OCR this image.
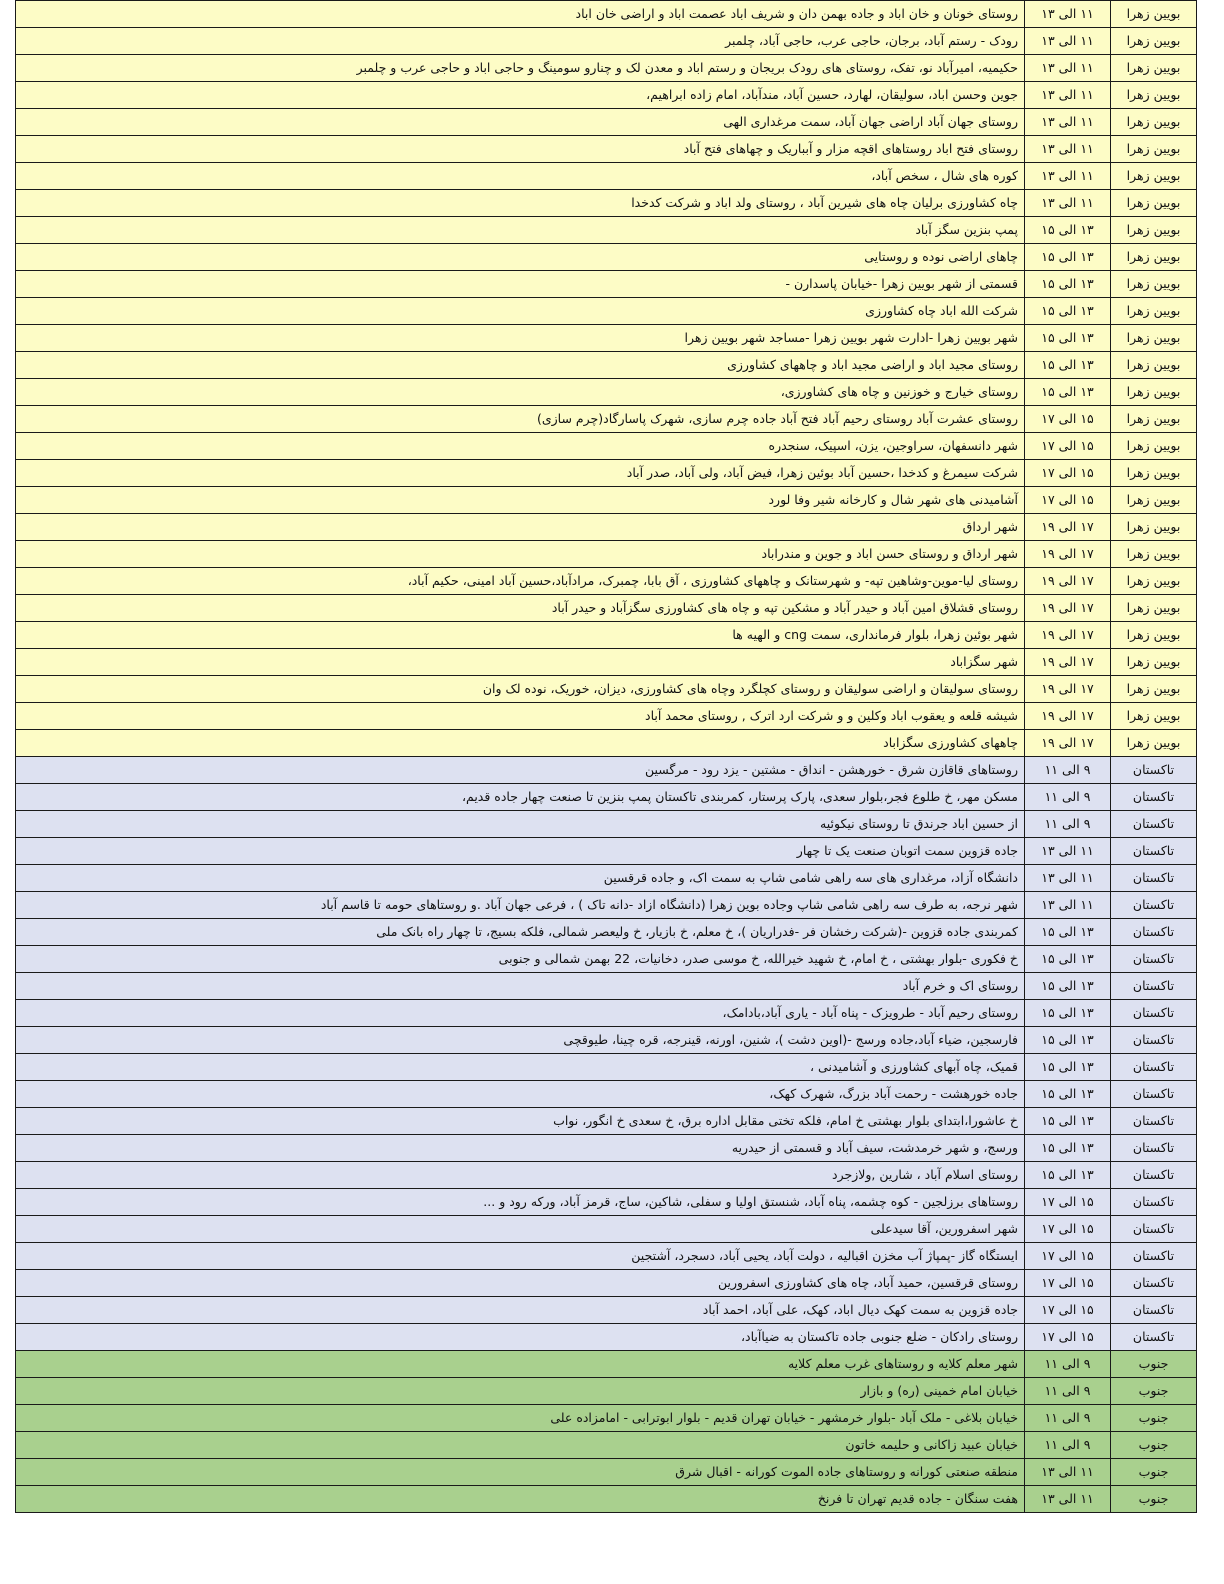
بویین زهرا	۱۱ الی ۱۳	روستای خونان و خان اباد و جاده بهمن دان و شریف اباد عصمت اباد و اراضی خان اباد
بویین زهرا	۱۱ الی ۱۳	رودک - رستم آباد، برجان، حاجی عرب، حاجی آباد، چلمبر
بویین زهرا	۱۱ الی ۱۳	حکیمیه، امیرآباد نو، تفک، روستای های رودک بریجان و رستم اباد و معدن لک و چنارو سومینگ و حاجی اباد و حاجی عرب و چلمبر
بویین زهرا	۱۱ الی ۱۳	جوین وحسن اباد، سولیقان، لهارد، حسین آباد، مندآباد، امام زاده ابراهیم،
بویین زهرا	۱۱ الی ۱۳	روستای جهان آباد اراضی جهان آباد، سمت مرغداری الهی
بویین زهرا	۱۱ الی ۱۳	روستای فتح اباد روستاهای اقچه مزار و آبباریک و چهاهای فتح آباد
بویین زهرا	۱۱ الی ۱۳	کوره های شال ، سخص آباد،
بویین زهرا	۱۱ الی ۱۳	چاه کشاورزی برلیان چاه های شیرین آباد ، روستای ولد اباد و شرکت کدخدا
بویین زهرا	۱۳ الی ۱۵	پمپ بنزین سگز آباد
بویین زهرا	۱۳ الی ۱۵	چاهای اراضی نوده و روستایی
بویین زهرا	۱۳ الی ۱۵	قسمتی از شهر بویین زهرا -خیابان پاسدارن -
بویین زهرا	۱۳ الی ۱۵	شرکت الله اباد چاه کشاورزی
بویین زهرا	۱۳ الی ۱۵	شهر بویین زهرا -ادارت شهر بویین زهرا -مساجد شهر بویین زهرا
بویین زهرا	۱۳ الی ۱۵	روستای مجید اباد و اراضی مجید اباد و چاههای کشاورزی
بویین زهرا	۱۳ الی ۱۵	روستای خیارج و خوزنین و چاه های کشاورزی،
بویین زهرا	۱۵ الی ۱۷	روستای عشرت آباد روستای رحیم آباد فتح آباد جاده چرم سازی، شهرک پاسارگاد(چرم سازی)
بویین زهرا	۱۵ الی ۱۷	شهر دانسفهان، سراوجین، یزن، اسپیک، سنجدره
بویین زهرا	۱۵ الی ۱۷	شرکت سیمرغ و کدخدا ،حسین آباد بوئین زهرا، فیض آباد، ولی آباد، صدر آباد
بویین زهرا	۱۵ الی ۱۷	آشامیدنی های شهر شال و کارخانه شیر وفا لورد
بویین زهرا	۱۷ الی ۱۹	شهر ارداق
بویین زهرا	۱۷ الی ۱۹	شهر ارداق و روستای حسن اباد و جوین و مندراباد
بویین زهرا	۱۷ الی ۱۹	روستای لیا-موین-وشاهین تپه- و شهرستانک و چاههای کشاورزی ، آق بابا، چمبرک، مرادآباد،حسین آباد امینی، حکیم آباد،
بویین زهرا	۱۷ الی ۱۹	روستای قشلاق امین آباد و حیدر آباد و مشکین تپه و چاه های کشاورزی سگزآباد و حیدر آباد
بویین زهرا	۱۷ الی ۱۹	شهر بوئین زهرا، بلوار فرمانداری، سمت cng و الهیه ها
بویین زهرا	۱۷ الی ۱۹	شهر سگزاباد
بویین زهرا	۱۷ الی ۱۹	روستای سولیقان و اراضی سولیقان و روستای کچلگرد وچاه های کشاورزی، دیزان، خوریک، نوده لک وان
بویین زهرا	۱۷ الی ۱۹	شیشه قلعه و یعقوب اباد وکلین و و شرکت ارد اترک , روستای محمد آباد
بویین زهرا	۱۷ الی ۱۹	چاههای کشاورزی سگزاباد
تاکستان	۹ الی ۱۱	روستاهای قاقازن شرق - خورهشن - انداق - مشتین - یزد رود - مرگسین
تاکستان	۹ الی ۱۱	مسکن مهر، خ طلوع فجر،بلوار سعدی، پارک پرستار، کمربندی تاکستان پمپ بنزین تا صنعت چهار جاده قدیم،
تاکستان	۹ الی ۱۱	از حسین اباد جرندق تا روستای نیکوئیه
تاکستان	۱۱ الی ۱۳	جاده قزوین سمت اتوبان صنعت یک تا چهار
تاکستان	۱۱ الی ۱۳	دانشگاه آزاد، مرغداری های سه راهی شامی شاپ به سمت اک، و جاده قرقسین
تاکستان	۱۱ الی ۱۳	شهر نرجه، به طرف سه راهی شامی شاپ وجاده بوین زهرا (دانشگاه ازاد -دانه تاک ) ، فرعی جهان آباد .و روستاهای حومه تا قاسم آباد
تاکستان	۱۳ الی ۱۵	کمربندی جاده قزوین -(شرکت رخشان فر -فدراریان )، خ معلم، خ بازیار، خ ولیعصر شمالی، فلکه بسیج، تا چهار راه بانک ملی
تاکستان	۱۳ الی ۱۵	خ فکوری -بلوار بهشتی ، خ امام، خ شهید خیرالله، خ موسی صدر، دخانیات، 22 بهمن شمالی و جنوبی
تاکستان	۱۳ الی ۱۵	روستای اک و خرم آباد
تاکستان	۱۳ الی ۱۵	روستای رحیم آباد - طرویزک - پناه آباد - یاری آباد،بادامک،
تاکستان	۱۳ الی ۱۵	فارسجین، ضیاء آباد،جاده ورسج -(اوین دشت )، شنین، اورنه، قینرجه، قره چینا، طیوقچی
تاکستان	۱۳ الی ۱۵	قمیک، چاه آبهای کشاورزی و آشامیدنی ،
تاکستان	۱۳ الی ۱۵	جاده خورهشت - رحمت آباد بزرگ، شهرک کهک،
تاکستان	۱۳ الی ۱۵	خ عاشورا،ابتدای بلوار بهشتی خ امام، فلکه تختی مقابل اداره برق، خ سعدی خ انگور، نواب
تاکستان	۱۳ الی ۱۵	ورسج، و شهر خرمدشت، سیف آباد و قسمتی از حیدریه
تاکستان	۱۳ الی ۱۵	روستای اسلام آباد ، شارین ,ولازجرد
تاکستان	۱۵ الی ۱۷	روستاهای برزلجین - کوه چشمه، پناه آباد، شنستق اولیا و سفلی، شاکین، ساج، قرمز آباد، ورکه رود و ...
تاکستان	۱۵ الی ۱۷	شهر اسفرورین، آقا سیدعلی
تاکستان	۱۵ الی ۱۷	ایستگاه گاز -پمپاژ آب مخزن اقبالیه ، دولت آباد، یحیی آباد، دسجرد، آشتجین
تاکستان	۱۵ الی ۱۷	روستای قرقسین، حمید آباد، چاه های کشاورزی اسفرورین
تاکستان	۱۵ الی ۱۷	جاده قزوین به سمت کهک دیال اباد، کهک، علی آباد، احمد آباد
تاکستان	۱۵ الی ۱۷	روستای رادکان - ضلع جنوبی جاده تاکستان به ضیاآباد،
جنوب	۹ الی ۱۱	شهر معلم کلایه و روستاهای غرب معلم کلایه
جنوب	۹ الی ۱۱	خیابان امام خمینی (ره) و بازار
جنوب	۹ الی ۱۱	خیابان بلاغی - ملک آباد -بلوار خرمشهر - خیابان تهران قدیم - بلوار ابوترابی - امامزاده علی
جنوب	۹ الی ۱۱	خیابان عبید زاکانی و حلیمه خاتون
جنوب	۱۱ الی ۱۳	منطقه صنعتی کورانه و روستاهای جاده الموت کورانه - اقبال شرق
جنوب	۱۱ الی ۱۳	هفت سنگان - جاده قدیم تهران تا فرنخ
